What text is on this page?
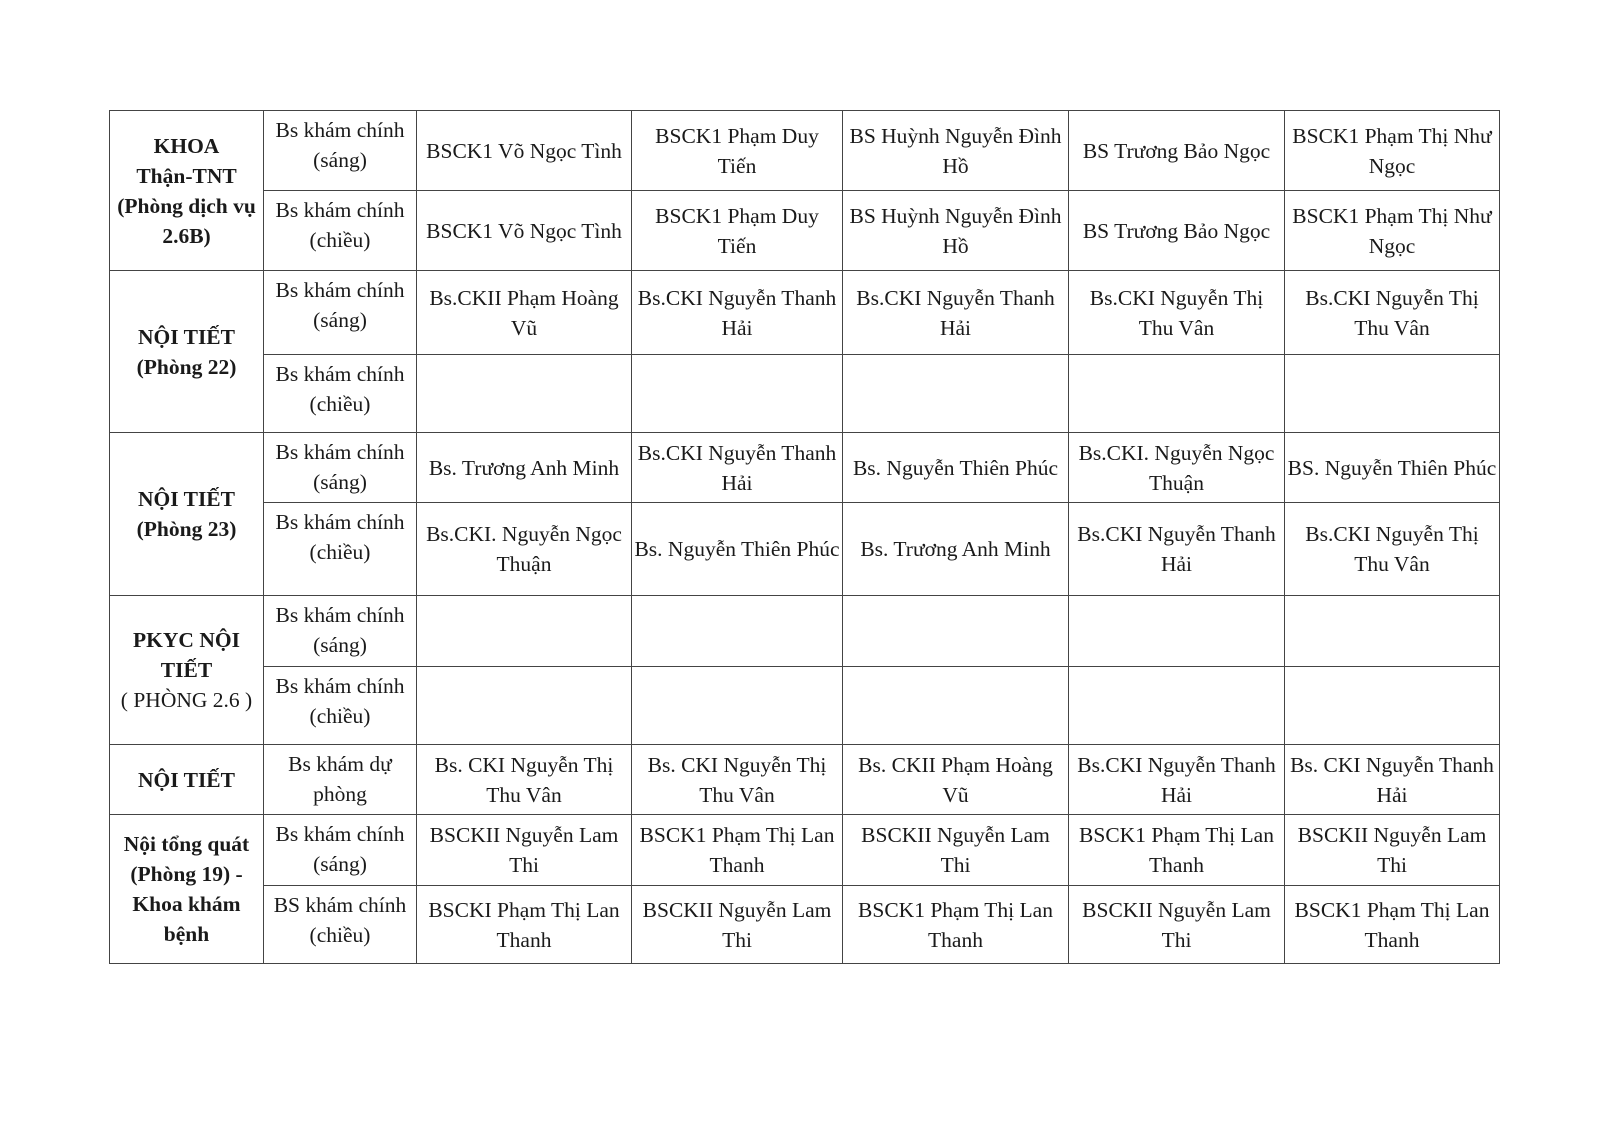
KHOA
Thận-TNT
(Phòng dịch vụ 2.6B)	Bs khám chính (sáng)	BSCK1 Võ Ngọc Tình	BSCK1 Phạm Duy Tiến	BS Huỳnh Nguyễn Đình Hồ	BS Trương Bảo Ngọc	BSCK1 Phạm Thị Như Ngọc
	Bs khám chính (chiều)	BSCK1 Võ Ngọc Tình	BSCK1 Phạm Duy Tiến	BS Huỳnh Nguyễn Đình Hồ	BS Trương Bảo Ngọc	BSCK1 Phạm Thị Như Ngọc

NỘI TIẾT
(Phòng 22)	Bs khám chính (sáng)	Bs.CKII Phạm Hoàng Vũ	Bs.CKI Nguyễn Thanh Hải	Bs.CKI Nguyễn Thanh Hải	Bs.CKI Nguyễn Thị Thu Vân	Bs.CKI Nguyễn Thị Thu Vân
	Bs khám chính (chiều)					

NỘI TIẾT
(Phòng 23)	Bs khám chính (sáng)	Bs. Trương Anh Minh	Bs.CKI Nguyễn Thanh Hải	Bs. Nguyễn Thiên Phúc	Bs.CKI. Nguyễn Ngọc Thuận	BS. Nguyễn Thiên Phúc
	Bs khám chính (chiều)	Bs.CKI. Nguyễn Ngọc Thuận	Bs. Nguyễn Thiên Phúc	Bs. Trương Anh Minh	Bs.CKI Nguyễn Thanh Hải	Bs.CKI Nguyễn Thị Thu Vân

PKYC NỘI TIẾT
( PHÒNG 2.6 )	Bs khám chính (sáng)					
	Bs khám chính (chiều)					

NỘI TIẾT	Bs khám dự phòng	Bs. CKI Nguyễn Thị Thu Vân	Bs. CKI Nguyễn Thị Thu Vân	Bs. CKII Phạm Hoàng Vũ	Bs.CKI Nguyễn Thanh Hải	Bs. CKI Nguyễn Thanh Hải

Nội tổng quát (Phòng 19) - Khoa khám bệnh	Bs khám chính (sáng)	BSCKII Nguyễn Lam Thi	BSCK1 Phạm Thị Lan Thanh	BSCKII Nguyễn Lam Thi	BSCK1 Phạm Thị Lan Thanh	BSCKII Nguyễn Lam Thi
	BS khám chính (chiều)	BSCKI Phạm Thị Lan Thanh	BSCKII Nguyễn Lam Thi	BSCK1 Phạm Thị Lan Thanh	BSCKII Nguyễn Lam Thi	BSCK1 Phạm Thị Lan Thanh
